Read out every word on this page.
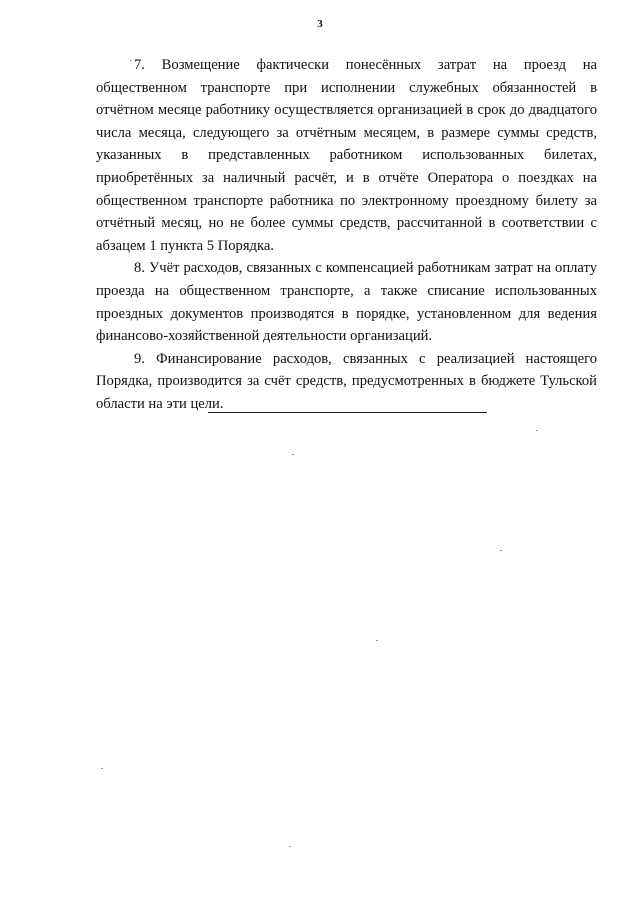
3

7. Возмещение фактически понесённых затрат на проезд на общественном транспорте при исполнении служебных обязанностей в отчётном месяце работнику осуществляется организацией в срок до двадцатого числа месяца, следующего за отчётным месяцем, в размере суммы средств, указанных в представленных работником использованных билетах, приобретённых за наличный расчёт, и в отчёте Оператора о поездках на общественном транспорте работника по электронному проездному билету за отчётный месяц, но не более суммы средств, рассчитанной в соответствии с абзацем 1 пункта 5 Порядка.

8. Учёт расходов, связанных с компенсацией работникам затрат на оплату проезда на общественном транспорте, а также списание использованных проездных документов производятся в порядке, установленном для ведения финансово-хозяйственной деятельности организаций.

9. Финансирование расходов, связанных с реализацией настоящего Порядка, производится за счёт средств, предусмотренных в бюджете Тульской области на эти цели.
